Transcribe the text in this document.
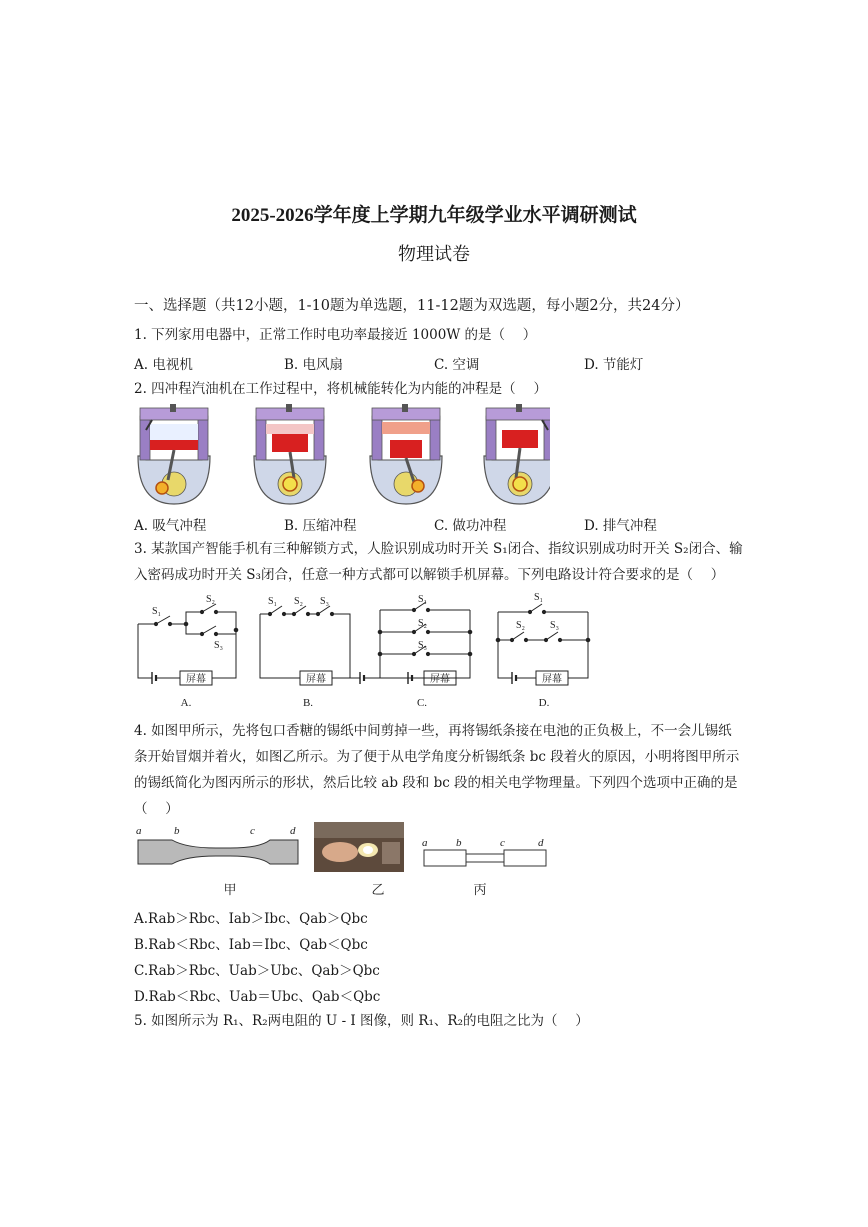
2025-2026学年度上学期九年级学业水平调研测试
物理试卷
一、选择题（共12小题，1-10题为单选题，11-12题为双选题，每小题2分，共24分）
1. 下列家用电器中，正常工作时电功率最接近 1000W 的是（　 ）
A. 电视机	B. 电风扇	C. 空调	D. 节能灯
2. 四冲程汽油机在工作过程中，将机械能转化为内能的冲程是（　 ）
A. 吸气冲程	B. 压缩冲程	C. 做功冲程	D. 排气冲程
3. 某款国产智能手机有三种解锁方式，人脸识别成功时开关 S₁闭合、指纹识别成功时开关 S₂闭合、输
入密码成功时开关 S₃闭合，任意一种方式都可以解锁手机屏幕。下列电路设计符合要求的是（　 ）
S₁
S₂
S₃
S₁ S₂ S₃	S₁
S₂
S₃
S₁
S₂ S₃
屏幕	屏幕	屏幕	屏幕
A.	B.	C.	D.
4. 如图甲所示，先将包口香糖的锡纸中间剪掉一些，再将锡纸条接在电池的正负极上，不一会儿锡纸
条开始冒烟并着火，如图乙所示。为了便于从电学角度分析锡纸条 bc 段着火的原因，小明将图甲所示
的锡纸简化为图丙所示的形状，然后比较 ab 段和 bc 段的相关电学物理量。下列四个选项中正确的是
（　 ）
a	b	c	d
a	b	c	d
甲	乙	丙
A.Rab＞Rbc、Iab＞Ibc、Qab＞Qbc
B.Rab＜Rbc、Iab＝Ibc、Qab＜Qbc
C.Rab＞Rbc、Uab＞Ubc、Qab＞Qbc
D.Rab＜Rbc、Uab＝Ubc、Qab＜Qbc
5. 如图所示为 R₁、R₂两电阻的 U - I 图像，则 R₁、R₂的电阻之比为（　 ）
